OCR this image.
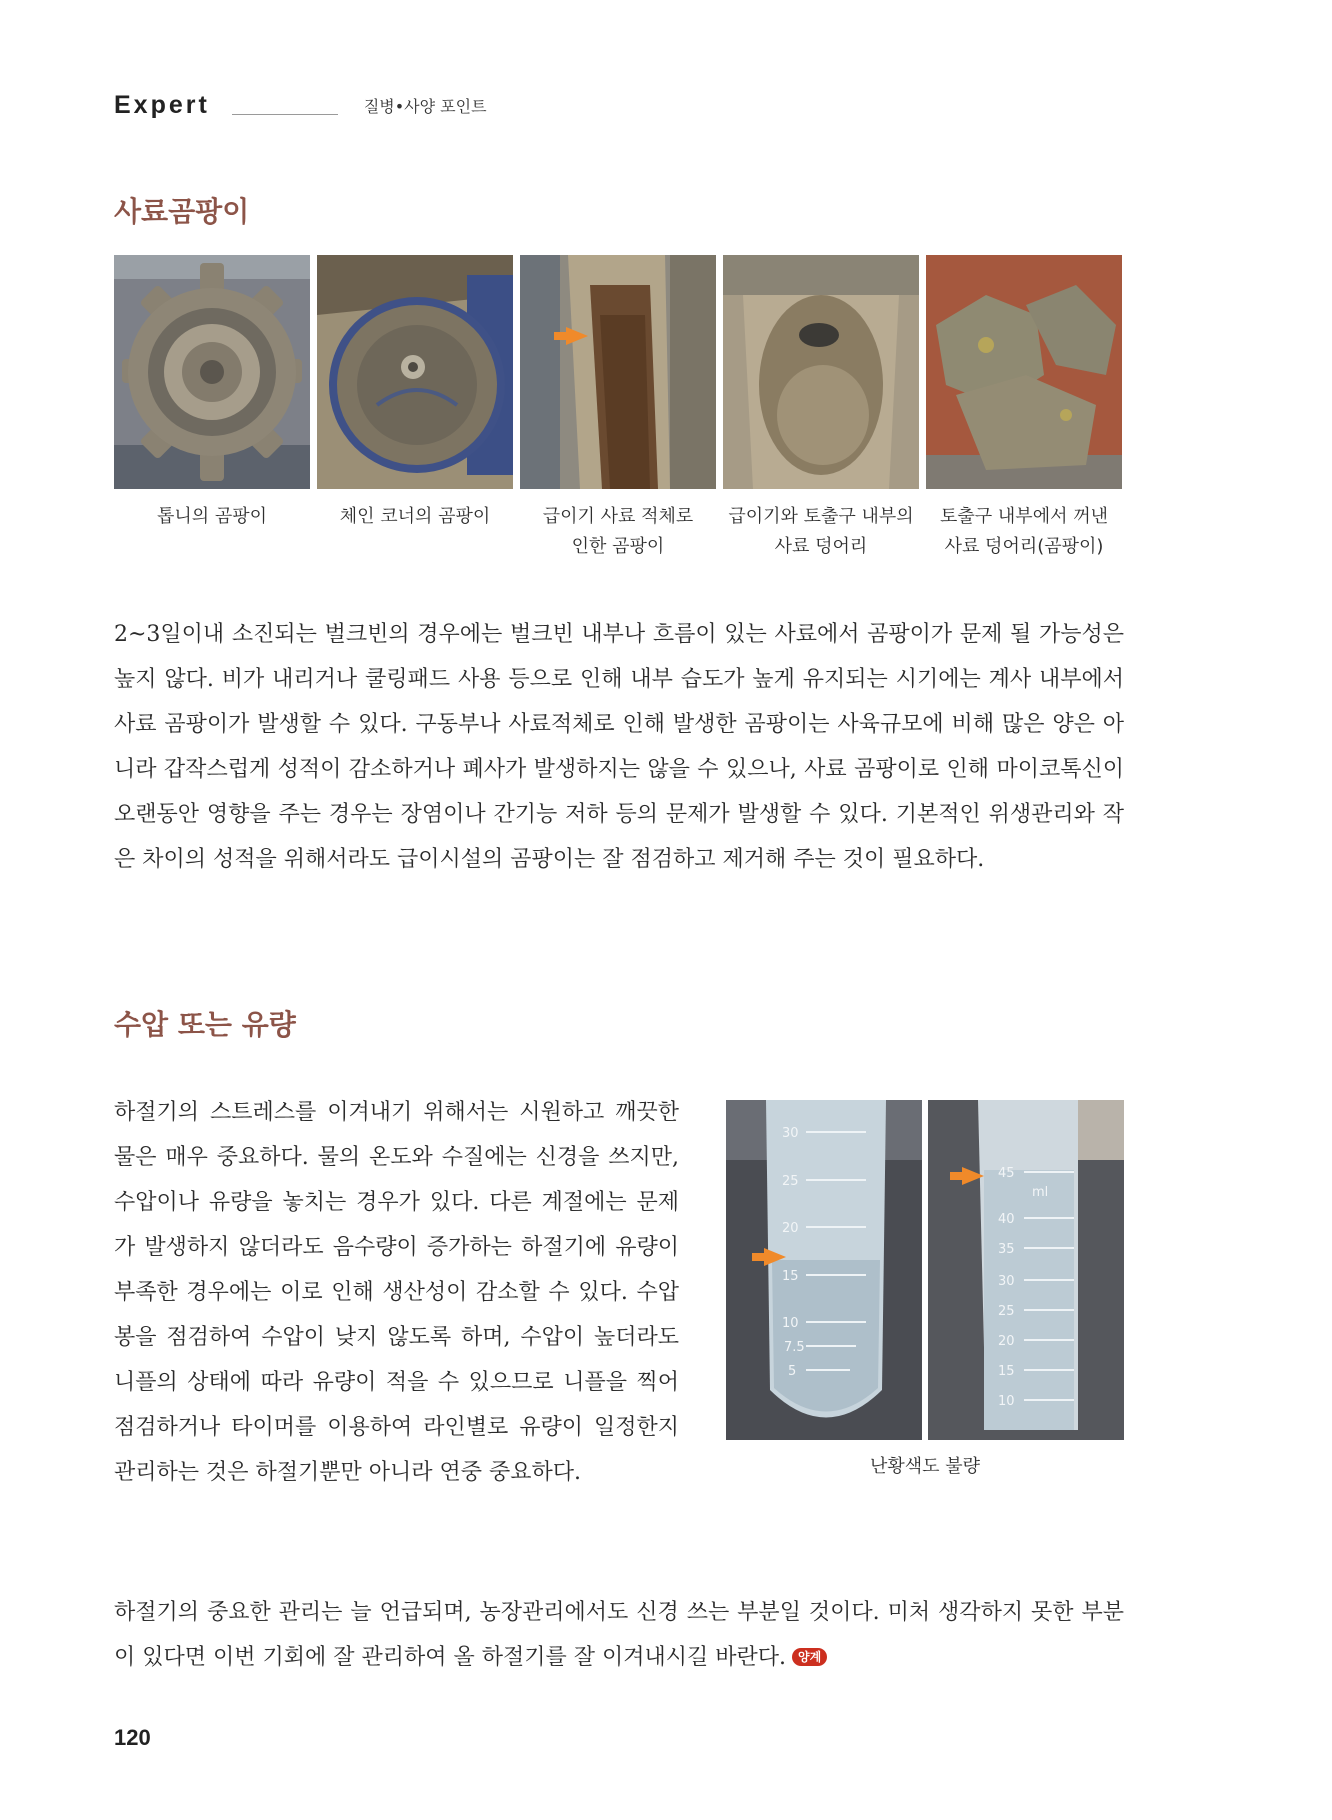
Expert	질병•사양 포인트
사료곰팡이
톱니의 곰팡이	체인 코너의 곰팡이	급이기 사료 적체로
인한 곰팡이
급이기와 토출구 내부의
사료 덩어리
토출구 내부에서 꺼낸
사료 덩어리(곰팡이)

2~3일이내 소진되는 벌크빈의 경우에는 벌크빈 내부나 흐름이 있는 사료에서 곰팡이가 문제 될 가능성은 높지 않다. 비가 내리거나 쿨링패드 사용 등으로 인해 내부 습도가 높게 유지되는 시기에는 계사 내부에서 사료 곰팡이가 발생할 수 있다. 구동부나 사료적체로 인해 발생한 곰팡이는 사육규모에 비해 많은 양은 아니라 갑작스럽게 성적이 감소하거나 폐사가 발생하지는 않을 수 있으나, 사료 곰팡이로 인해 마이코톡신이 오랜동안 영향을 주는 경우는 장염이나 간기능 저하 등의 문제가 발생할 수 있다. 기본적인 위생관리와 작은 차이의 성적을 위해서라도 급이시설의 곰팡이는 잘 점검하고 제거해 주는 것이 필요하다.

수압 또는 유량

하절기의 스트레스를 이겨내기 위해서는 시원하고 깨끗한 물은 매우 중요하다. 물의 온도와 수질에는 신경을 쓰지만, 수압이나 유량을 놓치는 경우가 있다. 다른 계절에는 문제가 발생하지 않더라도 음수량이 증가하는 하절기에 유량이 부족한 경우에는 이로 인해 생산성이 감소할 수 있다. 수압봉을 점검하여 수압이 낮지 않도록 하며, 수압이 높더라도 니플의 상태에 따라 유량이 적을 수 있으므로 니플을 찍어 점검하거나 타이머를 이용하여 라인별로 유량이 일정한지 관리하는 것은 하절기뿐만 아니라 연중 중요하다.

30
25
20
15
10
7.5
5
45
ml
40
35
30
25
20
15
10
난황색도 불량

하절기의 중요한 관리는 늘 언급되며, 농장관리에서도 신경 쓰는 부분일 것이다. 미처 생각하지 못한 부분이 있다면 이번 기회에 잘 관리하여 올 하절기를 잘 이겨내시길 바란다. 양계

120
